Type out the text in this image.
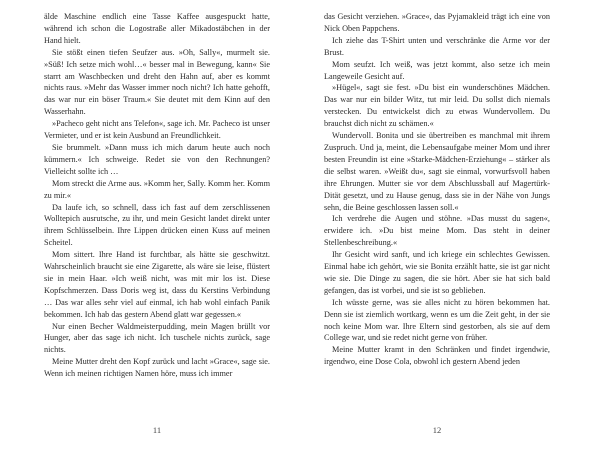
älde Maschine endlich eine Tasse Kaffee ausgespuckt hatte, während ich schon die Logostraße aller Mikadostäbchen in der Hand hielt.

Sie stößt einen tiefen Seufzer aus. »Oh, Sally«, murmelt sie. »Süß! Ich setze mich wohl…« besser mal in Bewegung, kann« Sie starrt am Waschbecken und dreht den Hahn auf, aber es kommt nichts raus. »Mehr das Wasser immer noch nicht? Ich hatte gehofft, das war nur ein böser Traum.« Sie deutet mit dem Kinn auf den Wasserhahn.

»Pacheco geht nicht ans Telefon«, sage ich. Mr. Pacheco ist unser Vermieter, und er ist kein Ausbund an Freundlichkeit.

Sie brummelt. »Dann muss ich mich darum heute auch noch kümmern.« Ich schweige. Redet sie von den Rechnungen? Vielleicht sollte ich …

Mom streckt die Arme aus. »Komm her, Sally. Komm her. Komm zu mir.«

Da laufe ich, so schnell, dass ich fast auf dem zerschlissenen Wolltepich ausrutsche, zu ihr, und mein Gesicht landet direkt unter ihrem Schlüsselbein. Ihre Lippen drücken einen Kuss auf meinen Scheitel.

Mom sittert. Ihre Hand ist furchtbar, als hätte sie geschwitzt. Wahrscheinlich braucht sie eine Zigarette, als wäre sie leise, flüstert sie in mein Haar. »Ich weiß nicht, was mit mir los ist. Diese Kopfschmerzen. Dass Doris weg ist, dass du Kerstins Verbindung … Das war alles sehr viel auf einmal, ich hab wohl einfach Panik bekommen. Ich hab das gestern Abend glatt war gegessen.«

Nur einen Becher Waldmeisterpudding, mein Magen brüllt vor Hunger, aber das sage ich nicht. Ich tuschele nichts zurück, sage nichts.

Meine Mutter dreht den Kopf zurück und lacht »Grace«, sage sie. Wenn ich meinen richtigen Namen höre, muss ich immer

11

das Gesicht verziehen. »Grace«, das Pyjamakleid trägt ich eine von Nick Oben Pappchens.

Ich ziehe das T-Shirt unten und verschränke die Arme vor der Brust.

Mom seufzt. Ich weiß, was jetzt kommt, also setze ich mein Langeweile Gesicht auf.

»Hügel«, sagt sie fest. »Du bist ein wunderschönes Mädchen. Das war nur ein bilder Witz, tut mir leid. Du sollst dich niemals verstecken. Du entwickelst dich zu etwas Wundervollem. Du brauchst dich nicht zu schämen.«

Wundervoll. Bonita und sie übertreiben es manchmal mit ihrem Zuspruch. Und ja, meint, die Lebensaufgabe meiner Mom und ihrer besten Freundin ist eine »Starke-Mädchen-Erziehung« – stärker als die selbst waren. »Weißt du«, sagt sie einmal, vorwurfsvoll haben ihre Ehrungen. Mutter sie vor dem Abschlussball auf Magertürk-Dität gesetzt, und zu Hause genug, dass sie in der Nähe von Jungs sehn, die Beine geschlossen lassen soll.«

Ich verdrehe die Augen und stöhne. »Das musst du sagen«, erwidere ich. »Du bist meine Mom. Das steht in deiner Stellenbeschreibung.«

Ihr Gesicht wird sanft, und ich kriege ein schlechtes Gewissen. Einmal habe ich gehört, wie sie Bonita erzählt hatte, sie ist gar nicht wie sie. Die Dinge zu sagen, die sie hört. Aber sie hat sich bald gefangen, das ist vorbei, und sie ist so geblieben.

Ich wüsste gerne, was sie alles nicht zu hören bekommen hat. Denn sie ist ziemlich wortkarg, wenn es um die Zeit geht, in der sie noch keine Mom war. Ihre Eltern sind gestorben, als sie auf dem College war, und sie redet nicht gerne von früher.

Meine Mutter kramt in den Schränken und findet irgendwie, irgendwo, eine Dose Cola, obwohl ich gestern Abend jeden

12
